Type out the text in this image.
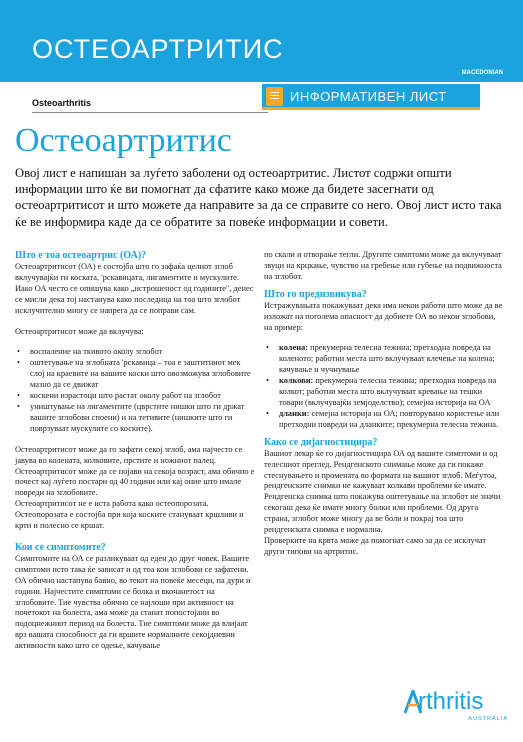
ОСТЕОАРТРИТИС
MACEDONIAN
Osteoarthritis	ИНФОРМАТИВЕН ЛИСТ
Остеоартритис

Овој лист е напишан за луѓето заболени од остеоартритис. Листот содржи општи информации што ќе ви помогнат да сфатите како може да бидете засегнати од остеоартритисот и што можете да направите за да се справите со него. Овој лист исто така ќе ве информира каде да се обратите за повеќе информации и совети.

Што е тоа остеоартрис (ОА)?

Остеоартритисот (ОА) е состојба што го зафаќа целиот зглоб вклучувајќи ги коската, 'рскавицата, лигаментите и мускулите. Иако ОА често се опишува како „истрошеност од годините", денес се мисли дека тој настанува како последица на тоа што зглобот исклучително многу се напрега да се поправи сам.

Остеоартритисот може да вклучува:

• воспаление на ткивото околу зглобот
• оштетување на зглобната 'рскавица – тоа е заштитниот мек слој на краевите на вашите коски што овозможува зглобовите мазно да се движат
• коскени израстоци што растат околу работ на зглобот
• уништување на лигаментите (цврстите нишки што ги држат вашите зглобови споени) и на тетивите (нишките што ги поврзуваат мускулите со коските).

Остеоартритисот може да го зафати секој зглоб, ама најчесто се јавува во колената, колковите, прстите и ножниот палец.

Остеоартритисот може да се појави на секоја возраст, ама обично е почест кај луѓето постари од 40 години или кај оние што имале повреди на зглобовите.

Остеоартритисот не е иста работа како остеопорозата. Остеопорозата е состојба при која коските стануваат кршливи и крти и полесно се кршат.

Кои се симптомите?

Симптомите на ОА се разликуваат од еден до друг човек. Вашите симптоми исто така ќе зависат и од тоа кои зглобови се зафатени. ОА обично настапува бавно, во текот на повеќе месеци, па дури и години. Најчестите симптоми се болка и вкочанетост на зглобовите. Тие чувства обично се најлоши при активност на почетокот на болеста, ама може да станат попостојани во подоцнежниот период на болеста. Тие симптоми може да влијаат врз вашата способност да ги вршите нормалните секојдневни активности како што се одење, качување

по скали и отворање тегли. Другите симптоми може да вклучуваат звуци на крцкање, чувство на гребење или губење на подвижноста на зглобот.

Што го предизвикува?

Истражувањата покажуваат дека има некои работи што може да ве изложат на поголема опасност да добиете ОА во некои зглобови, на пример:

• колена: прекумерна телесна тежина; претходна повреда на коленото; работни места што вклучуваат клечење на колена; качување и чучнување
• колкови: прекумерна телесна тежина; претходна повреда на колкот; работни места што вклучуваат кревање на тешки товари (вклучувајќи земјоделство); семејна историја на ОА
• дланки: семејна историја на ОА; повторувано користење или претходни повреди на дланките; прекумерна телесна тежина.
Како се дијагностицира?

Вашиот лекар ќе го дијагностицира ОА од вашите симптоми и од телесниот преглед. Рендгенското снимање може да ги покаже стеснувањето и промената во формата на вашиот зглоб. Меѓутоа, рендгенските снимки не кажуваат колкави проблеми ќе имате. Рендгенска снимка што покажува оштетување на зглобот не значи секогаш дека ќе имате многу болки или проблеми. Од друга страна, зглобот може многу да ве боли и покрај тоа што рендгенската снимка е нормална.

Проверките на крвта може да помогнат само за да се исклучат други типови на артритис.

rthritis
AUSTRALIA
